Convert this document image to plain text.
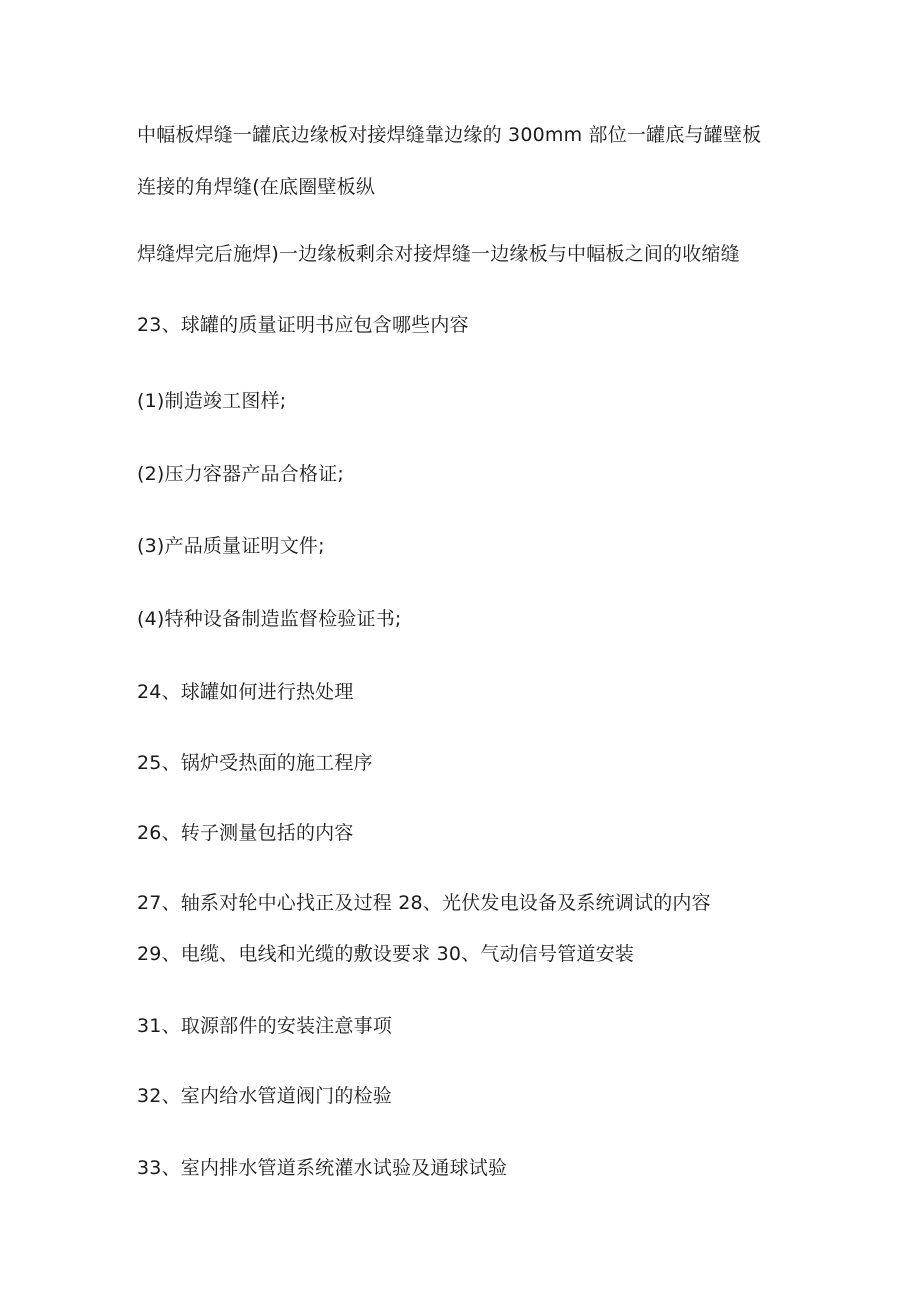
中幅板焊缝一罐底边缘板对接焊缝靠边缘的 300mm 部位一罐底与罐壁板
连接的角焊缝(在底圈壁板纵
焊缝焊完后施焊)一边缘板剩余对接焊缝一边缘板与中幅板之间的收缩缝
23、球罐的质量证明书应包含哪些内容
(1)制造竣工图样;
(2)压力容器产品合格证;
(3)产品质量证明文件;
(4)特种设备制造监督检验证书;
24、球罐如何进行热处理
25、锅炉受热面的施工程序
26、转子测量包括的内容
27、轴系对轮中心找正及过程 28、光伏发电设备及系统调试的内容
29、电缆、电线和光缆的敷设要求 30、气动信号管道安装
31、取源部件的安装注意事项
32、室内给水管道阀门的检验
33、室内排水管道系统灌水试验及通球试验
